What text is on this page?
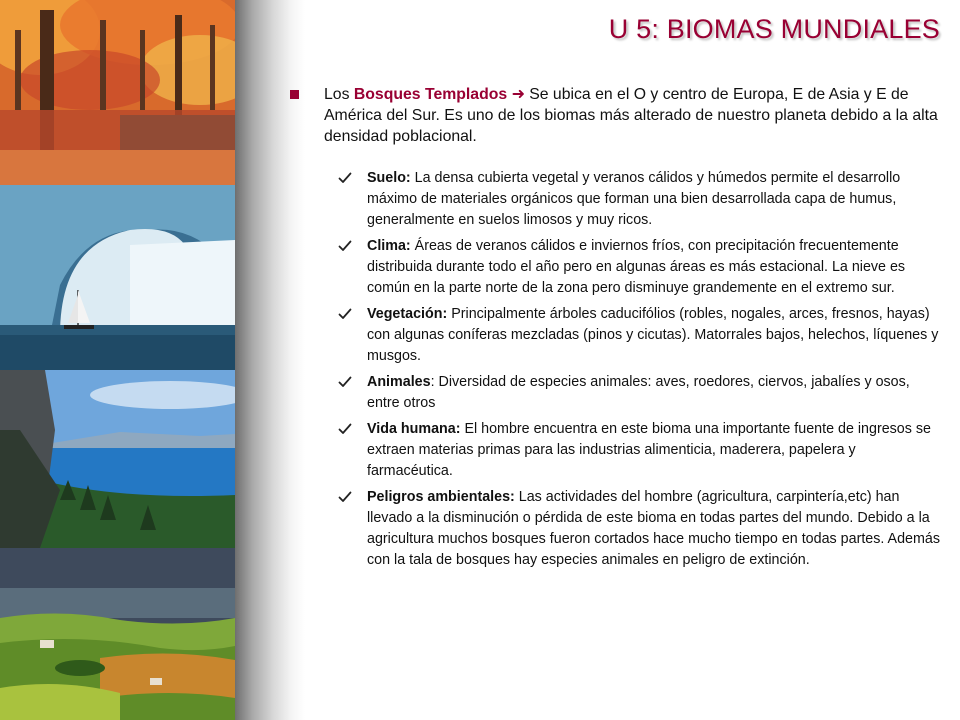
U 5: BIOMAS MUNDIALES
Los Bosques Templados ➜ Se ubica en el O y centro de Europa, E de Asia y E de América del Sur. Es uno de los biomas más alterado de nuestro planeta debido a la alta densidad poblacional.
Suelo: La densa cubierta vegetal y veranos cálidos y húmedos permite el desarrollo máximo de materiales orgánicos que forman una bien desarrollada capa de humus, generalmente en suelos limosos y muy ricos.
Clima: Áreas de veranos cálidos e inviernos fríos, con precipitación frecuentemente distribuida durante todo el año pero en algunas áreas es más estacional. La nieve es común en la parte norte de la zona pero disminuye grandemente en el extremo sur.
Vegetación: Principalmente árboles caducifólios (robles, nogales, arces, fresnos, hayas) con algunas coníferas mezcladas (pinos y cicutas). Matorrales bajos, helechos, líquenes y musgos.
Animales: Diversidad de especies animales: aves, roedores, ciervos, jabalíes y osos, entre otros
Vida humana: El hombre encuentra en este bioma una importante fuente de ingresos se extraen materias primas para las industrias alimenticia, maderera, papelera y farmacéutica.
Peligros ambientales: Las actividades del hombre (agricultura, carpintería,etc) han llevado a la disminución o pérdida de este bioma en todas partes del mundo. Debido a la agricultura muchos bosques fueron cortados hace mucho tiempo en todas partes. Además con la tala de bosques hay especies animales en peligro de extinción.
